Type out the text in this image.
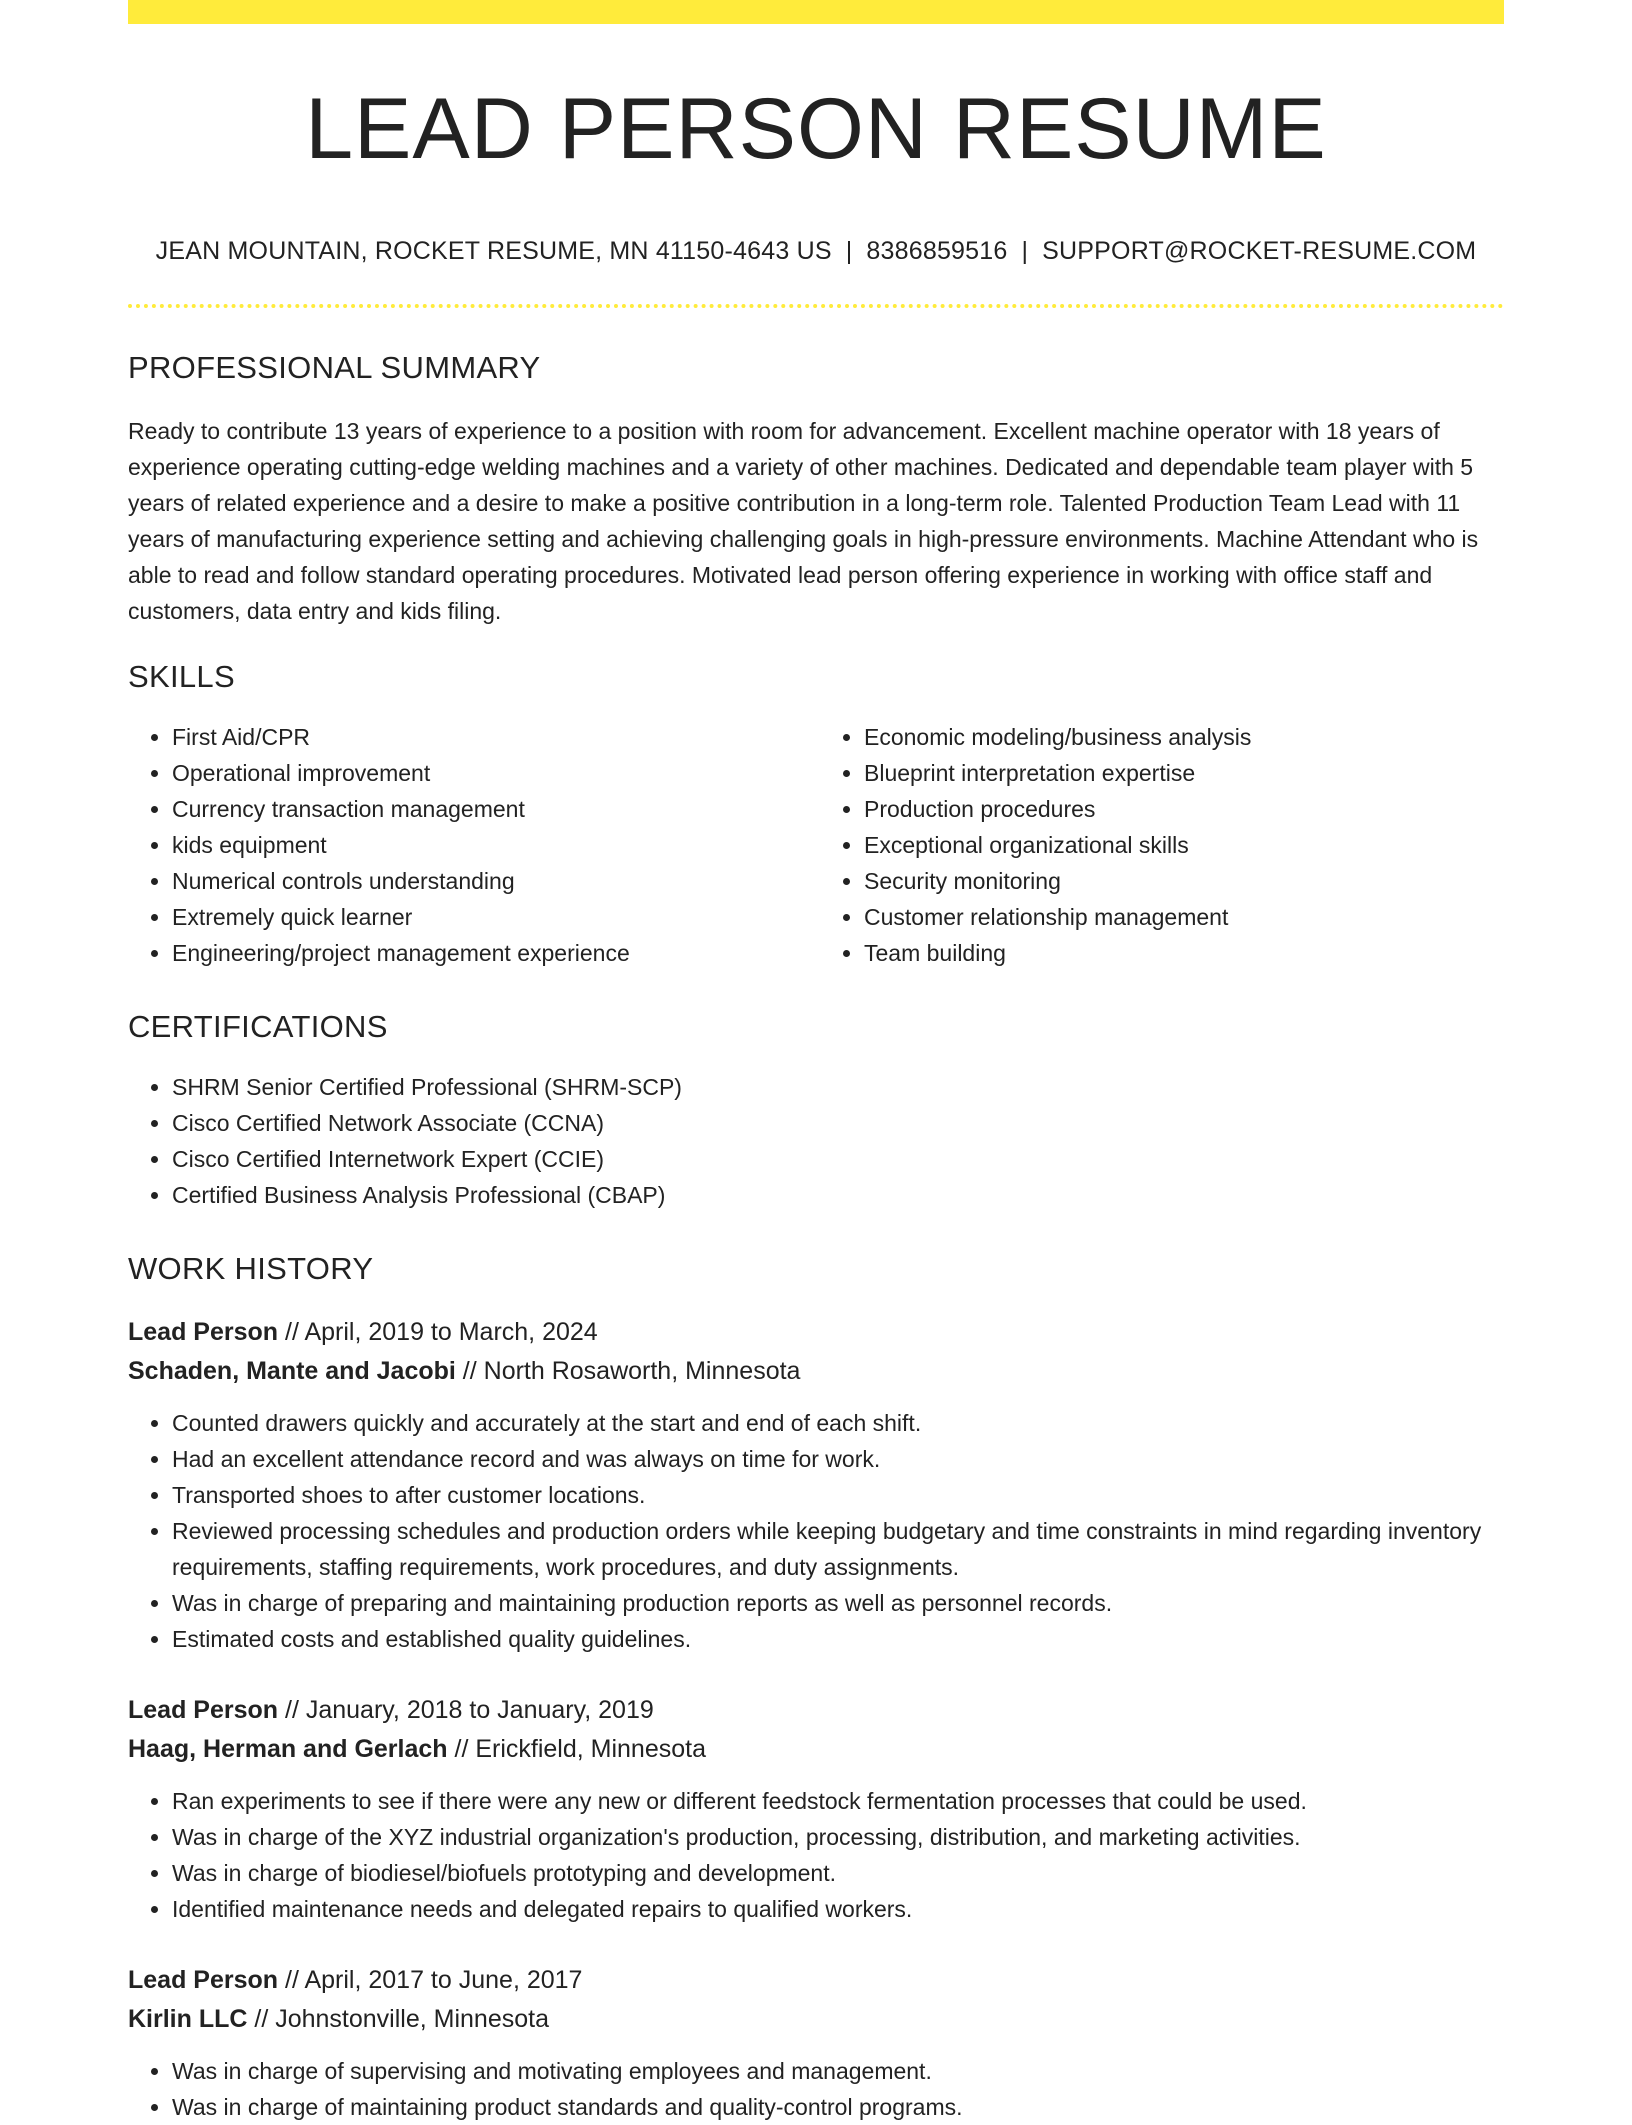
LEAD PERSON RESUME
JEAN MOUNTAIN, ROCKET RESUME, MN 41150-4643 US | 8386859516 | SUPPORT@ROCKET-RESUME.COM
PROFESSIONAL SUMMARY

Ready to contribute 13 years of experience to a position with room for advancement. Excellent machine operator with 18 years of experience operating cutting-edge welding machines and a variety of other machines. Dedicated and dependable team player with 5 years of related experience and a desire to make a positive contribution in a long-term role. Talented Production Team Lead with 11 years of manufacturing experience setting and achieving challenging goals in high-pressure environments. Machine Attendant who is able to read and follow standard operating procedures. Motivated lead person offering experience in working with office staff and customers, data entry and kids filing.

SKILLS
• First Aid/CPR
• Operational improvement
• Currency transaction management
• kids equipment
• Numerical controls understanding
• Extremely quick learner
• Engineering/project management experience
• Economic modeling/business analysis
• Blueprint interpretation expertise
• Production procedures
• Exceptional organizational skills
• Security monitoring
• Customer relationship management
• Team building
CERTIFICATIONS
• SHRM Senior Certified Professional (SHRM-SCP)
• Cisco Certified Network Associate (CCNA)
• Cisco Certified Internetwork Expert (CCIE)
• Certified Business Analysis Professional (CBAP)
WORK HISTORY
Lead Person // April, 2019 to March, 2024
Schaden, Mante and Jacobi // North Rosaworth, Minnesota
• Counted drawers quickly and accurately at the start and end of each shift.
• Had an excellent attendance record and was always on time for work.
• Transported shoes to after customer locations.
• Reviewed processing schedules and production orders while keeping budgetary and time constraints in mind regarding inventory requirements, staffing requirements, work procedures, and duty assignments.
• Was in charge of preparing and maintaining production reports as well as personnel records.
• Estimated costs and established quality guidelines.
Lead Person // January, 2018 to January, 2019
Haag, Herman and Gerlach // Erickfield, Minnesota
• Ran experiments to see if there were any new or different feedstock fermentation processes that could be used.
• Was in charge of the XYZ industrial organization's production, processing, distribution, and marketing activities.
• Was in charge of biodiesel/biofuels prototyping and development.
• Identified maintenance needs and delegated repairs to qualified workers.
Lead Person // April, 2017 to June, 2017
Kirlin LLC // Johnstonville, Minnesota
• Was in charge of supervising and motivating employees and management.
• Was in charge of maintaining product standards and quality-control programs.
